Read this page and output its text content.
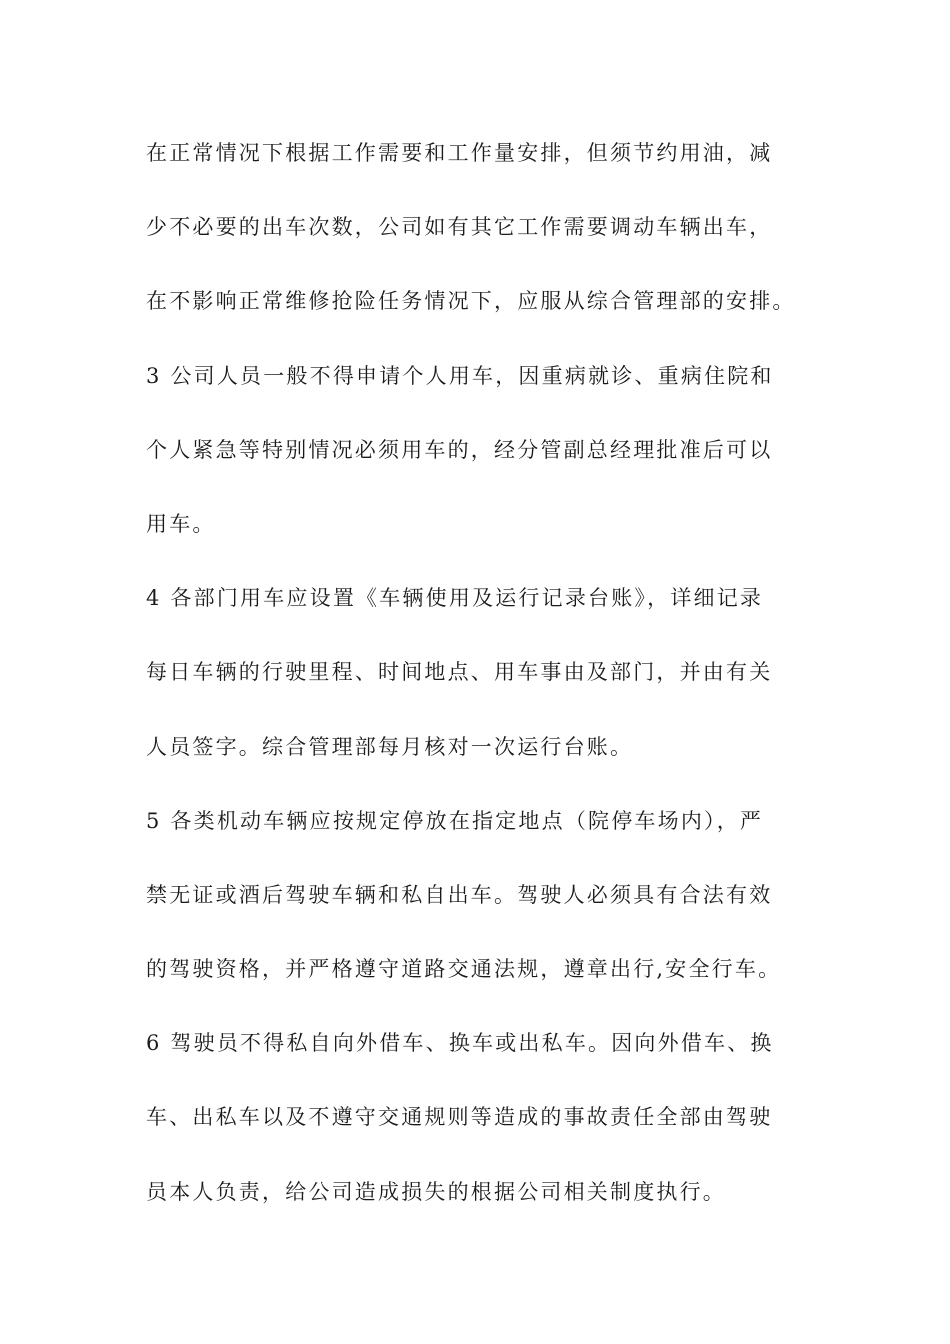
在正常情况下根据工作需要和工作量安排，但须节约用油，减
少不必要的出车次数，公司如有其它工作需要调动车辆出车，
在不影响正常维修抢险任务情况下，应服从综合管理部的安排。
3 公司人员一般不得申请个人用车，因重病就诊、重病住院和
个人紧急等特别情况必须用车的，经分管副总经理批准后可以
用车。
4 各部门用车应设置《车辆使用及运行记录台账》，详细记录
每日车辆的行驶里程、时间地点、用车事由及部门，并由有关
人员签字。综合管理部每月核对一次运行台账。
5 各类机动车辆应按规定停放在指定地点（院停车场内），严
禁无证或酒后驾驶车辆和私自出车。驾驶人必须具有合法有效
的驾驶资格，并严格遵守道路交通法规，遵章出行,安全行车。
6 驾驶员不得私自向外借车、换车或出私车。因向外借车、换
车、出私车以及不遵守交通规则等造成的事故责任全部由驾驶
员本人负责，给公司造成损失的根据公司相关制度执行。
